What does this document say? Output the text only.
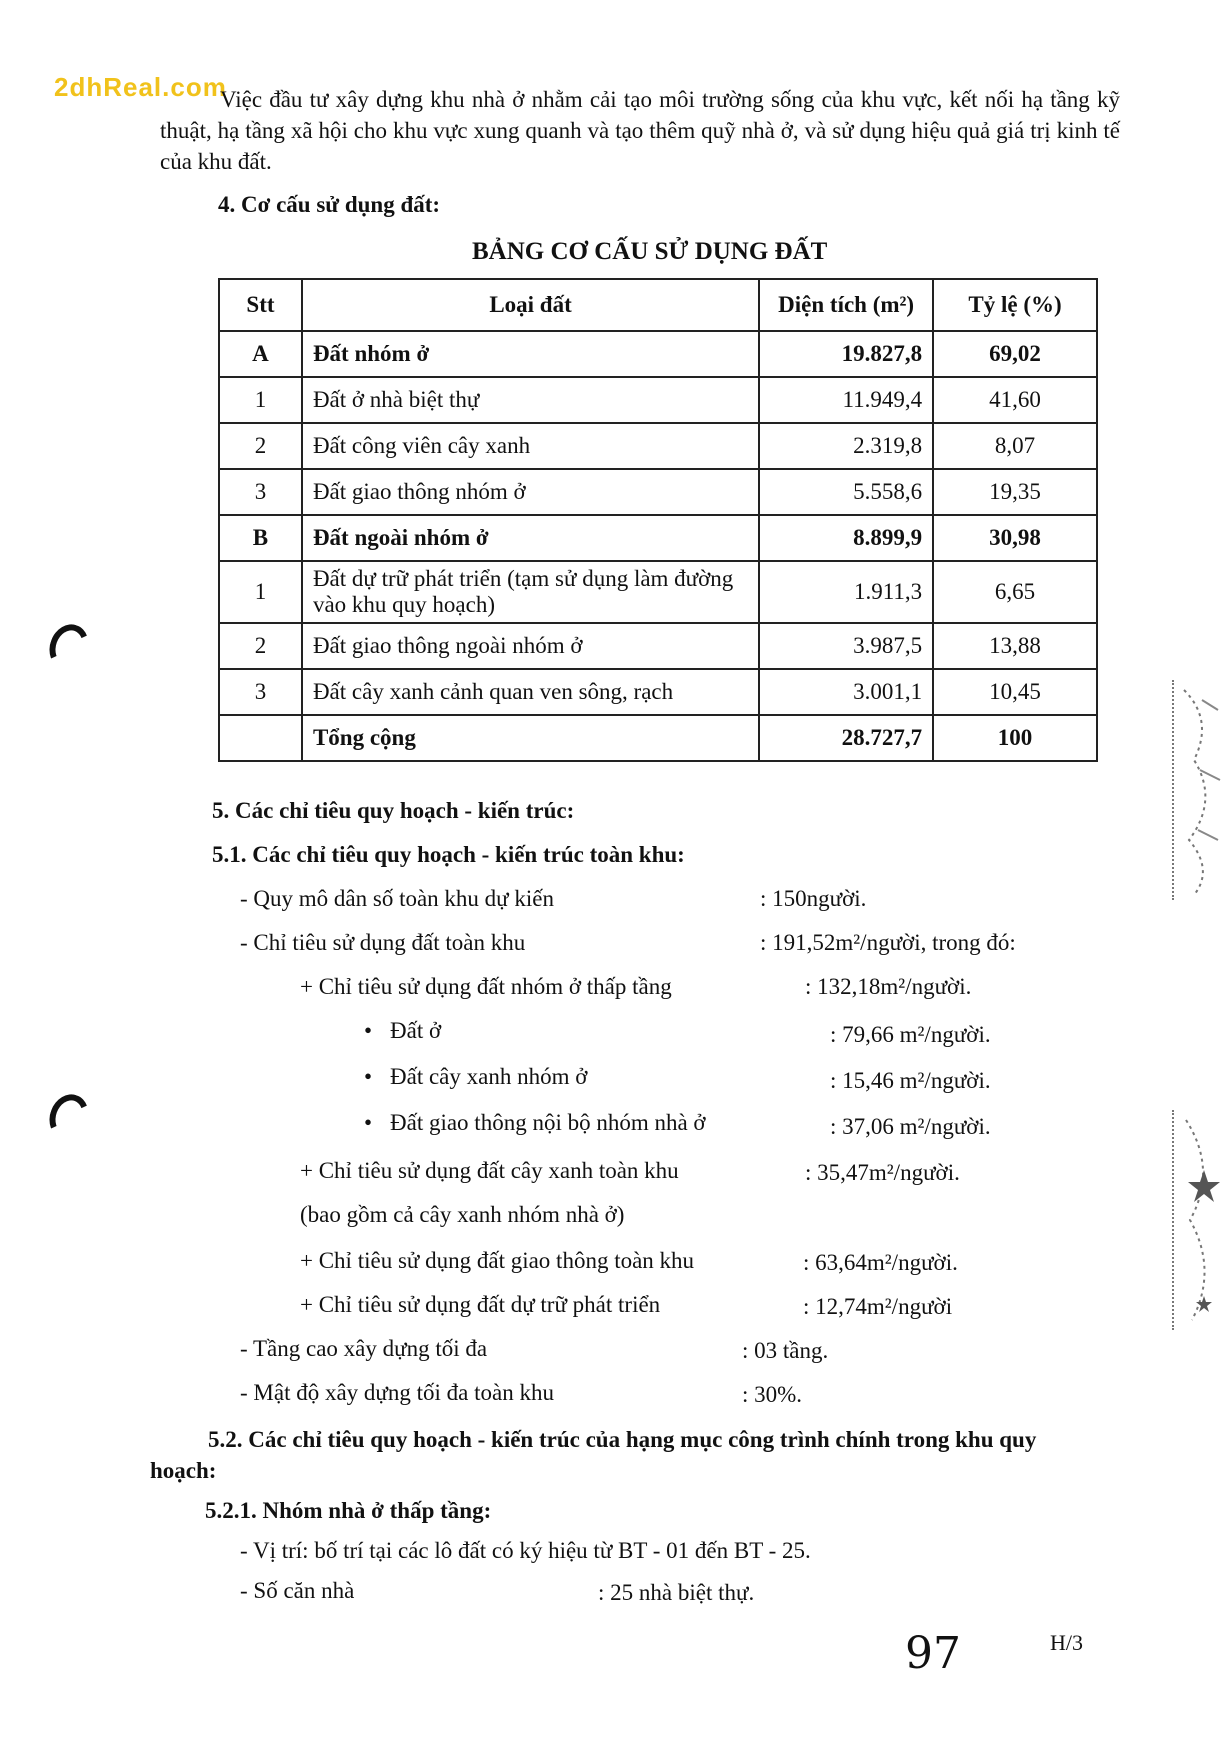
2dhReal.com
Việc đầu tư xây dựng khu nhà ở nhằm cải tạo môi trường sống của khu vực, kết nối hạ tầng kỹ thuật, hạ tầng xã hội cho khu vực xung quanh và tạo thêm quỹ nhà ở, và sử dụng hiệu quả giá trị kinh tế của khu đất.
4. Cơ cấu sử dụng đất:
BẢNG CƠ CẤU SỬ DỤNG ĐẤT
Stt	Loại đất	Diện tích (m²)	Tỷ lệ (%)
A	Đất nhóm ở	19.827,8	69,02
1	Đất ở nhà biệt thự	11.949,4	41,60
2	Đất công viên cây xanh	2.319,8	8,07
3	Đất giao thông nhóm ở	5.558,6	19,35
B	Đất ngoài nhóm ở	8.899,9	30,98
1	Đất dự trữ phát triển (tạm sử dụng làm đường vào khu quy hoạch)	1.911,3	6,65
2	Đất giao thông ngoài nhóm ở	3.987,5	13,88
3	Đất cây xanh cảnh quan ven sông, rạch	3.001,1	10,45
	Tổng cộng	28.727,7	100
5. Các chỉ tiêu quy hoạch - kiến trúc:
5.1. Các chỉ tiêu quy hoạch - kiến trúc toàn khu:
- Quy mô dân số toàn khu dự kiến	: 150người.
- Chỉ tiêu sử dụng đất toàn khu	: 191,52m²/người, trong đó:
+ Chỉ tiêu sử dụng đất nhóm ở thấp tầng	: 132,18m²/người.
• Đất ở	: 79,66 m²/người.
• Đất cây xanh nhóm ở	: 15,46 m²/người.
• Đất giao thông nội bộ nhóm nhà ở	: 37,06 m²/người.
+ Chỉ tiêu sử dụng đất cây xanh toàn khu	: 35,47m²/người.
(bao gồm cả cây xanh nhóm nhà ở)
+ Chỉ tiêu sử dụng đất giao thông toàn khu	: 63,64m²/người.
+ Chỉ tiêu sử dụng đất dự trữ phát triển	: 12,74m²/người
- Tầng cao xây dựng tối đa	: 03 tầng.
- Mật độ xây dựng tối đa toàn khu	: 30%.
5.2. Các chỉ tiêu quy hoạch - kiến trúc của hạng mục công trình chính trong khu quy hoạch:
5.2.1. Nhóm nhà ở thấp tầng:
- Vị trí: bố trí tại các lô đất có ký hiệu từ BT - 01 đến BT - 25.
- Số căn nhà	: 25 nhà biệt thự.
97	H/3
